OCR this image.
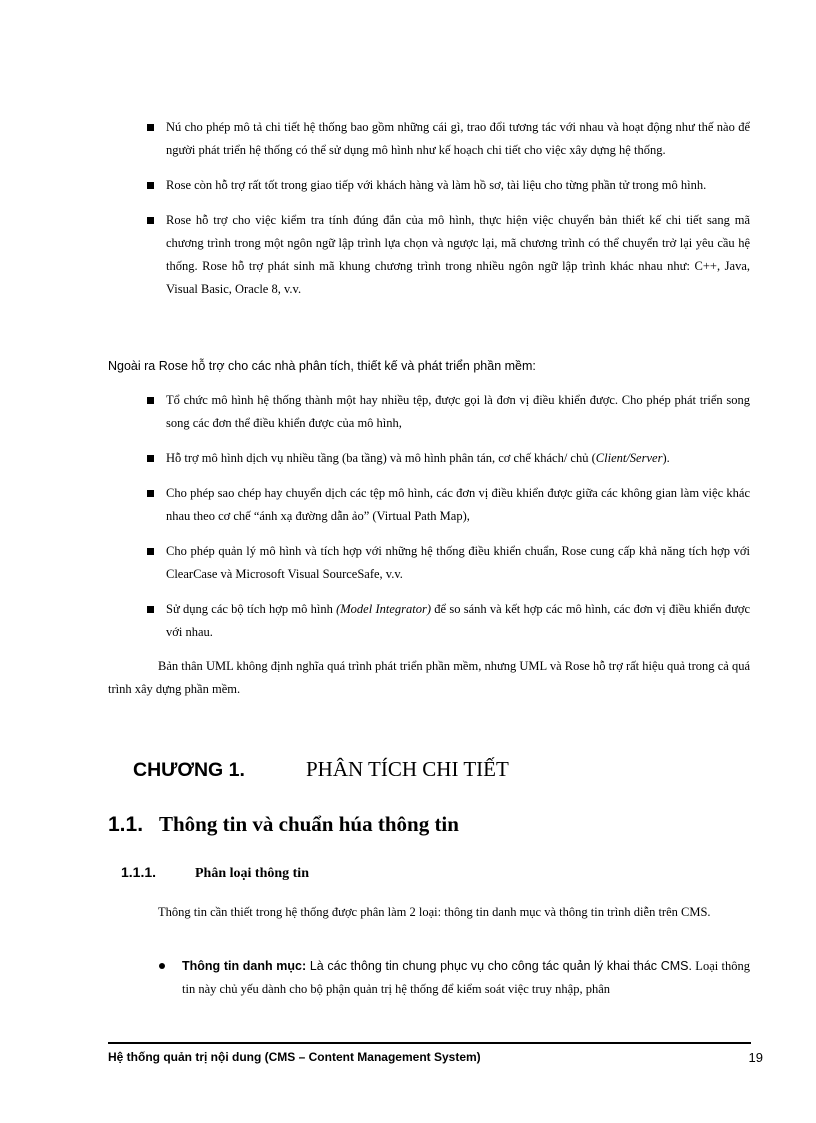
Nú cho phép mô tả chi tiết hệ thống bao gồm những cái gì, trao đổi tương tác với nhau và hoạt động như thế nào để người phát triển hệ thống có thể sử dụng mô hình như kế hoạch chi tiết cho việc xây dựng hệ thống.
Rose còn hỗ trợ rất tốt trong giao tiếp với khách hàng và làm hồ sơ, tài liệu cho từng phần tử trong mô hình.
Rose hỗ trợ cho việc kiểm tra tính đúng đắn của mô hình, thực hiện việc chuyển bản thiết kế chi tiết sang mã chương trình trong một ngôn ngữ lập trình lựa chọn và ngược lại, mã chương trình có thể chuyển trở lại yêu cầu hệ thống. Rose hỗ trợ phát sinh mã khung chương trình trong nhiều ngôn ngữ lập trình khác nhau như: C++, Java, Visual Basic, Oracle 8, v.v.

Ngoài ra Rose hỗ trợ cho các nhà phân tích, thiết kế và phát triển phần mềm:

Tổ chức mô hình hệ thống thành một hay nhiều tệp, được gọi là đơn vị điều khiển được. Cho phép phát triển song song các đơn thể điều khiển được của mô hình,
Hỗ trợ mô hình dịch vụ nhiều tầng (ba tầng) và mô hình phân tán, cơ chế khách/ chủ (Client/Server).
Cho phép sao chép hay chuyển dịch các tệp mô hình, các đơn vị điều khiển được giữa các không gian làm việc khác nhau theo cơ chế “ánh xạ đường dẫn ảo” (Virtual Path Map),
Cho phép quản lý mô hình và tích hợp với những hệ thống điều khiển chuẩn, Rose cung cấp khả năng tích hợp với ClearCase và Microsoft Visual SourceSafe, v.v.
Sử dụng các bộ tích hợp mô hình (Model Integrator) để so sánh và kết hợp các mô hình, các đơn vị điều khiển được với nhau.

Bản thân UML không định nghĩa quá trình phát triển phần mềm, nhưng UML và Rose hỗ trợ rất hiệu quả trong cả quá trình xây dựng phần mềm.

CHƯƠNG 1.	PHÂN TÍCH CHI TIẾT
1.1. Thông tin và chuẩn húa thông tin
1.1.1.	Phân loại thông tin

Thông tin cần thiết trong hệ thống được phân làm 2 loại: thông tin danh mục và thông tin trình diễn trên CMS.

Thông tin danh mục: Là các thông tin chung phục vụ cho công tác quản lý khai thác CMS. Loại thông tin này chủ yếu dành cho bộ phận quản trị hệ thống để kiểm soát việc truy nhập, phân
Hệ thống quản trị nội dung (CMS – Content Management System)	19
